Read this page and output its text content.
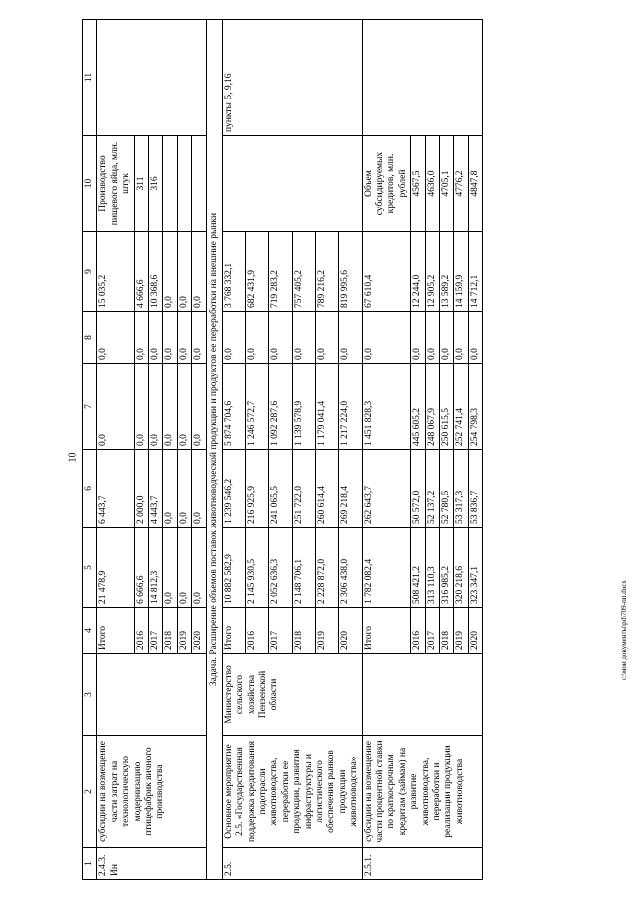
10
c:\мои документы\pd\709-пп.docx
1	2	3	4	5	6	7	8	9	10	11
2.4.3. Ин	субсидии на возмещение части затрат на технологическую модернизацию птицефабрик яичного производства		Итого	21 478,9	6 443,7	0,0	0,0	15 035,2	Производство пищевого яйца, млн. штук	
			2016	6 666,6	2 000,0	0,0	0,0	4 666,6	311	
			2017	14 812,3	4 443,7	0,0	0,0	10 368,6	316	
			2018	0,0	0,0	0,0	0,0	0,0		
			2019	0,0	0,0	0,0	0,0	0,0		
			2020	0,0	0,0	0,0	0,0	0,0		
Задача. Расширение объемов поставок животноводческой продукции и продуктов ее переработки на внешние рынки										
2.5.	Основное мероприятие 2.5. «Государственная поддержка кредитования подотрасли животноводства, переработки ее продукции, развития инфраструктуры и логистического обеспечения рынков продукции животноводства»	Министерство сельского хозяйства Пензенской области	Итого	10 882 582,9	1 239 546,2	5 874 704,6	0,0	3 768 332,1		пункты 5, 9,16
			2016	2 145 930,5	216 925,9	1 246 572,7	0,0	682 431,9		
			2017	2 052 636,3	241 065,5	1 092 287,6	0,0	719 283,2		
			2018	2 148 706,1	251 722,0	1 139 578,9	0,0	757 405,2		
			2019	2 228 872,0	260 614,4	1 179 041,4	0,0	789 216,2		
			2020	2 306 438,0	269 218,4	1 217 224,0	0,0	819 995,6		
2.5.1.	субсидии на возмещение части процентной ставки по краткосрочным кредитам (займам) на развитие животноводства, переработки и реализации продукции животноводства		Итого	1 782 082,4	262 643,7	1 451 828,3	0,0	67 610,4	Объем субсидируемых кредитов, млн. рублей	
			2016	508 421,2	50 572,0	445 605,2	0,0	12 244,0	4567,5	
			2017	313 110,3	52 137,2	248 067,9	0,0	12 905,2	4636,0	
			2018	316 985,2	52 780,5	250 615,5	0,0	13 589,2	4705,1	
			2019	320 218,6	53 317,3	252 741,4	0,0	14 159,9	4776,2	
			2020	323 347,1	53 836,7	254 798,3	0,0	14 712,1	4847,8	
